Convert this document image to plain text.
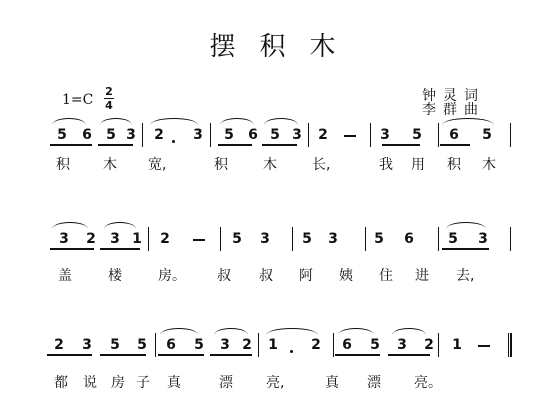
摆积木
1=C
2
4
钟灵词
李群曲
5 6 5 3 2 3 5 6 5 3 2	3 5 6 5
积 木 宽,	积	木	长,	我 用 积 木
3 2 3 1 2	5 3 5 3	5 6 5 3
盖	楼	房。 叔 叔 阿 姨 住 进 去,
2 3 5 5 6 5 3 2 1 2 6 5 3 2 1
都 说 房 子 真	漂 亮,	真 漂 亮。
